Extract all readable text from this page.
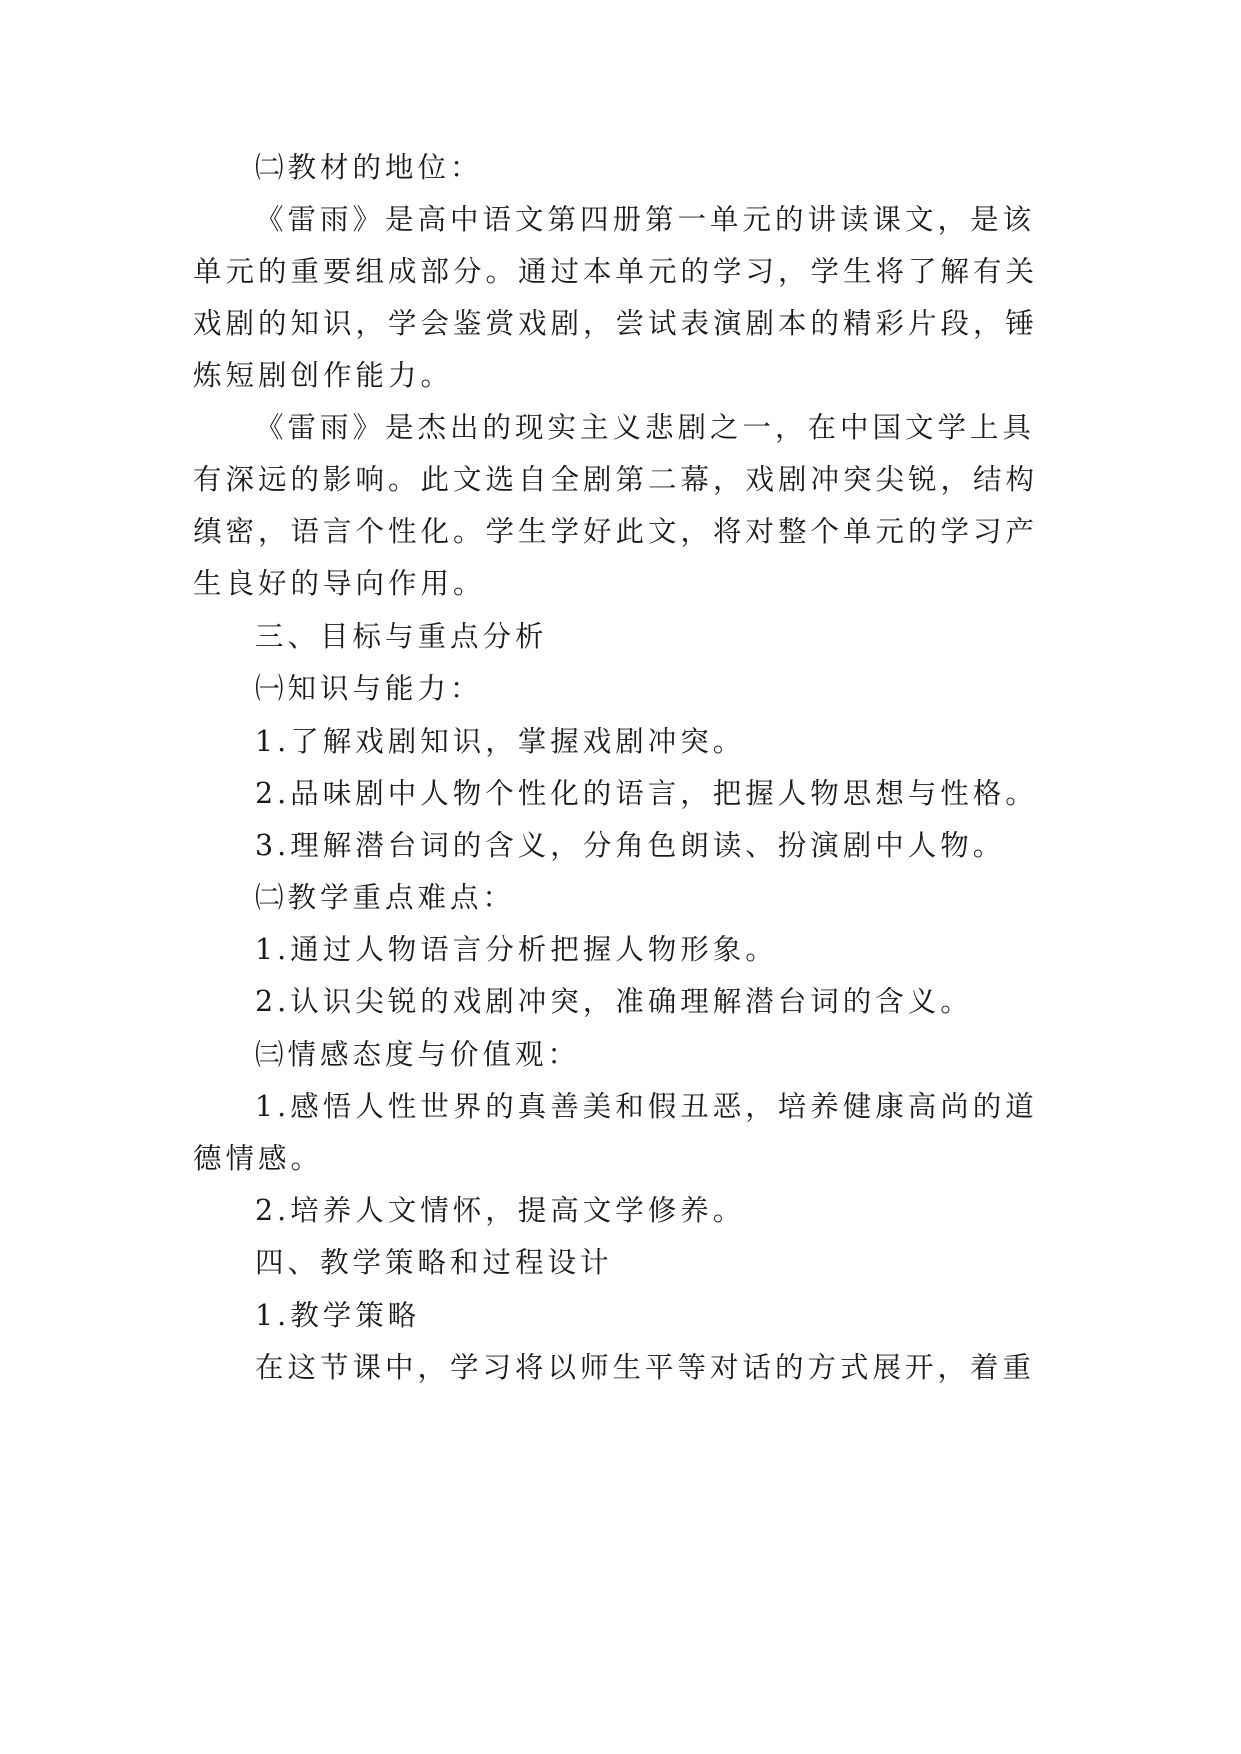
㈡教材的地位：

《雷雨》是高中语文第四册第一单元的讲读课文，是该

单元的重要组成部分。通过本单元的学习，学生将了解有关

戏剧的知识，学会鉴赏戏剧，尝试表演剧本的精彩片段，锤

炼短剧创作能力。

《雷雨》是杰出的现实主义悲剧之一，在中国文学上具

有深远的影响。此文选自全剧第二幕，戏剧冲突尖锐，结构

缜密，语言个性化。学生学好此文，将对整个单元的学习产

生良好的导向作用。

三、目标与重点分析

㈠知识与能力：

1.了解戏剧知识，掌握戏剧冲突。

2.品味剧中人物个性化的语言，把握人物思想与性格。

3.理解潜台词的含义，分角色朗读、扮演剧中人物。

㈡教学重点难点：

1.通过人物语言分析把握人物形象。

2.认识尖锐的戏剧冲突，准确理解潜台词的含义。

㈢情感态度与价值观：

1.感悟人性世界的真善美和假丑恶，培养健康高尚的道

德情感。

2.培养人文情怀，提高文学修养。

四、教学策略和过程设计

1.教学策略

在这节课中，学习将以师生平等对话的方式展开，着重
